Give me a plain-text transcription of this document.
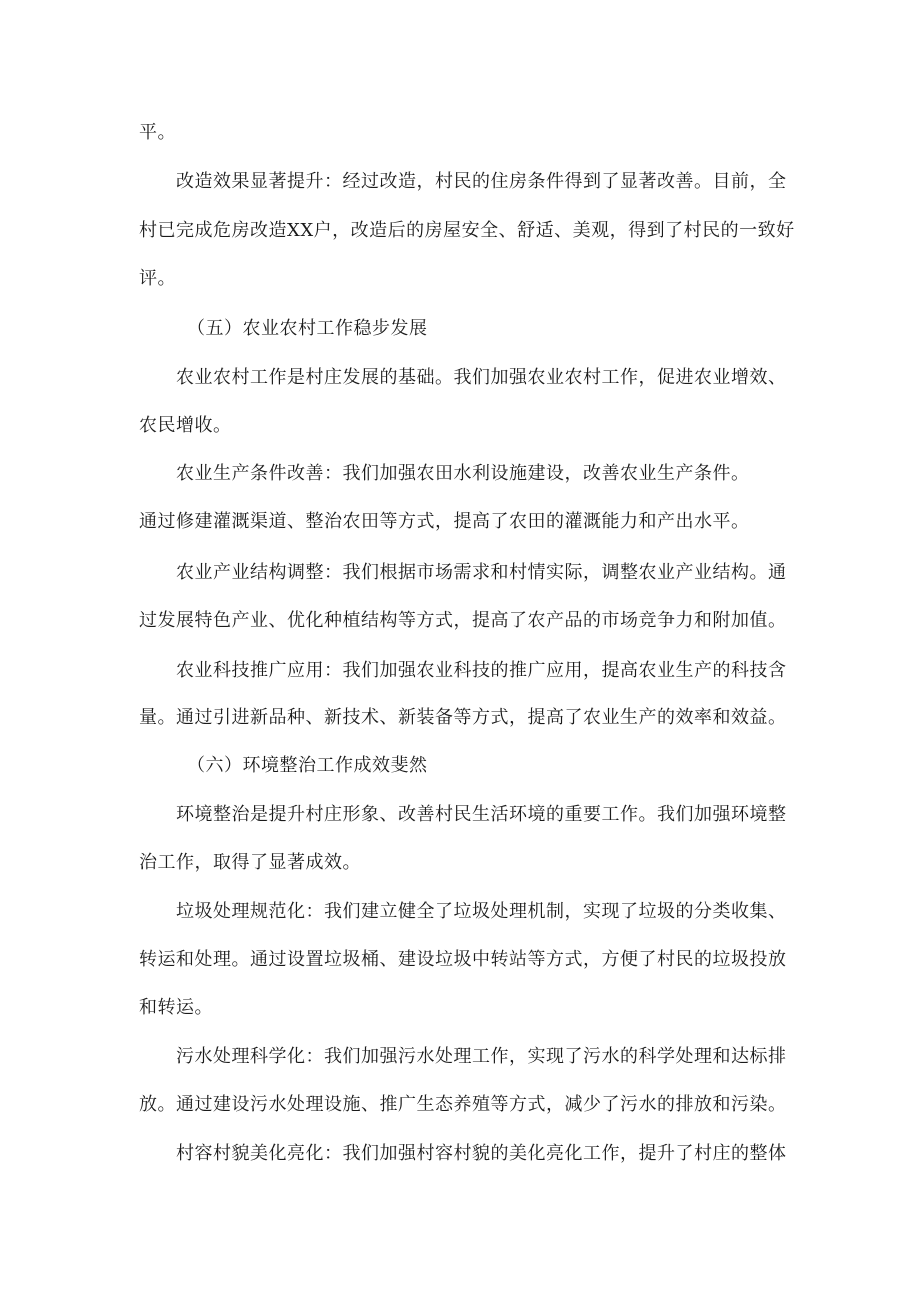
平。
改造效果显著提升：经过改造，村民的住房条件得到了显著改善。目前，全
村已完成危房改造XX户，改造后的房屋安全、舒适、美观，得到了村民的一致好
评。
（五）农业农村工作稳步发展
农业农村工作是村庄发展的基础。我们加强农业农村工作，促进农业增效、
农民增收。
农业生产条件改善：我们加强农田水利设施建设，改善农业生产条件。
通过修建灌溉渠道、整治农田等方式，提高了农田的灌溉能力和产出水平。
农业产业结构调整：我们根据市场需求和村情实际，调整农业产业结构。通
过发展特色产业、优化种植结构等方式，提高了农产品的市场竞争力和附加值。
农业科技推广应用：我们加强农业科技的推广应用，提高农业生产的科技含
量。通过引进新品种、新技术、新装备等方式，提高了农业生产的效率和效益。
（六）环境整治工作成效斐然
环境整治是提升村庄形象、改善村民生活环境的重要工作。我们加强环境整
治工作，取得了显著成效。
垃圾处理规范化：我们建立健全了垃圾处理机制，实现了垃圾的分类收集、
转运和处理。通过设置垃圾桶、建设垃圾中转站等方式，方便了村民的垃圾投放
和转运。
污水处理科学化：我们加强污水处理工作，实现了污水的科学处理和达标排
放。通过建设污水处理设施、推广生态养殖等方式，减少了污水的排放和污染。
村容村貌美化亮化：我们加强村容村貌的美化亮化工作，提升了村庄的整体
